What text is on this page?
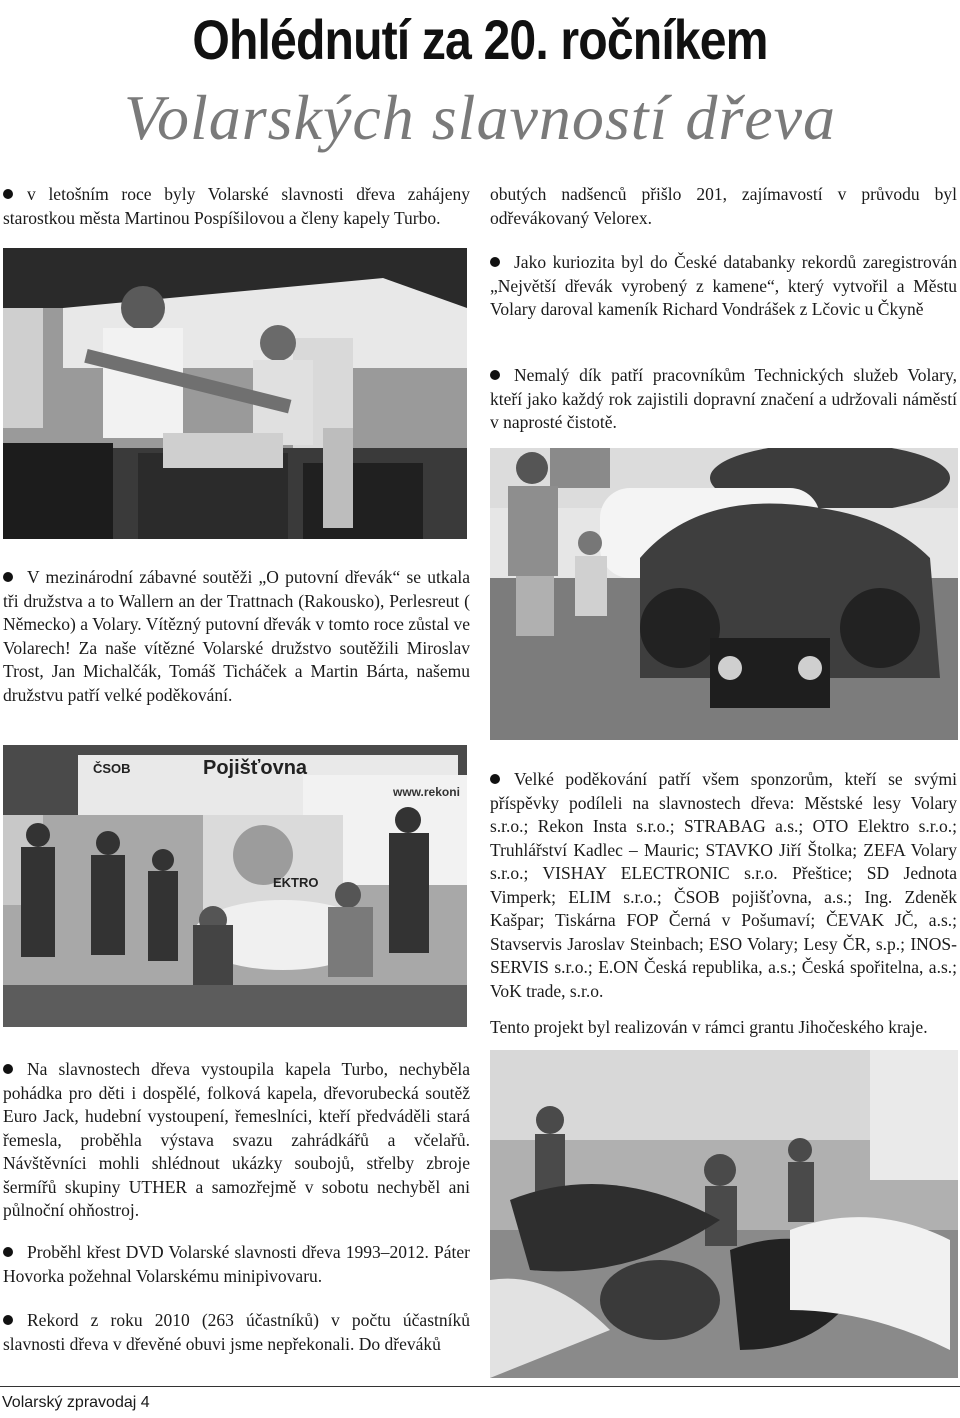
Ohlédnutí za 20. ročníkem
Volarských slavností dřeva
v letošním roce byly Volarské slavnosti dřeva zahájeny starostkou města Martinou Pospíšilovou a členy kapely Turbo.
obutých nadšenců přišlo 201, zajímavostí v průvodu byl odřevákovaný Velorex.
Jako kuriozita byl do České databanky rekordů zaregistrován „Největší dřevák vyrobený z kamene“, který vytvořil a Městu Volary daroval kameník Richard Vondrášek z Lčovic u Čkyně
Nemalý dík patří pracovníkům Technických služeb Volary, kteří jako každý rok zajistili dopravní značení a udržovali náměstí v naprosté čistotě.
V mezinárodní zábavné soutěži „O putovní dřevák“ se utkala tři družstva a to Wallern an der Trattnach (Rakousko), Perlesreut ( Německo) a Volary. Vítězný putovní dřevák v tomto roce zůstal ve Volarech! Za naše vítězné Volarské družstvo soutěžili Miroslav Trost, Jan Michalčák, Tomáš Ticháček a Martin Bárta, našemu družstvu patří velké poděkování.
ČSOB	Pojišťovna
www.rekoni
EKTRO
Velké poděkování patří všem sponzorům, kteří se svými příspěvky podíleli na slavnostech dřeva: Městské lesy Volary s.r.o.; Rekon Insta s.r.o.; STRABAG a.s.; OTO Elektro s.r.o.; Truhlářství Kadlec – Mauric; STAVKO Jiří Štolka; ZEFA Volary s.r.o.; VISHAY ELECTRONIC s.r.o. Přeštice; SD Jednota Vimperk; ELIM s.r.o.; ČSOB pojišťovna, a.s.; Ing. Zdeněk Kašpar; Tiskárna FOP Černá v Pošumaví; ČEVAK JČ, a.s.; Stavservis Jaroslav Steinbach; ESO Volary; Lesy ČR, s.p.; INOS-SERVIS s.r.o.; E.ON Česká republika, a.s.; Česká spořitelna, a.s.; VoK trade, s.r.o.
Tento projekt byl realizován v rámci grantu Jihočeského kraje.
Na slavnostech dřeva vystoupila kapela Turbo, nechyběla pohádka pro děti i dospělé, folková kapela, dřevorubecká soutěž Euro Jack, hudební vystoupení, řemeslníci, kteří předváděli stará řemesla, proběhla výstava svazu zahrádkářů a včelařů. Návštěvníci mohli shlédnout ukázky soubojů, střelby zbroje šermířů skupiny UTHER a samozřejmě v sobotu nechyběl ani půlnoční ohňostroj.
Proběhl křest DVD Volarské slavnosti dřeva 1993–2012. Páter Hovorka požehnal Volarskému minipivovaru.
Rekord z roku 2010 (263 účastníků) v počtu účastníků slavnosti dřeva v dřevěné obuvi jsme nepřekonali. Do dřeváků
Volarský zpravodaj 4
